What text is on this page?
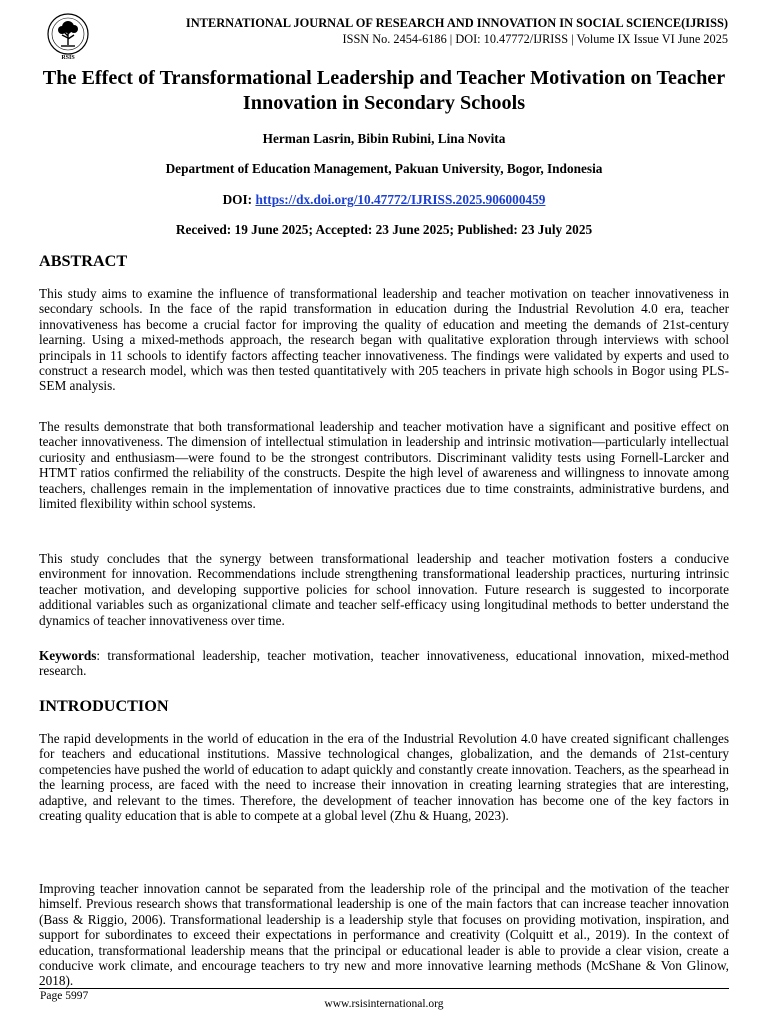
RSIS
INTERNATIONAL JOURNAL OF RESEARCH AND INNOVATION IN SOCIAL SCIENCE(IJRISS)
ISSN No. 2454-6186 | DOI: 10.47772/IJRISS | Volume IX Issue VI June 2025
The Effect of Transformational Leadership and Teacher Motivation on Teacher Innovation in Secondary Schools
Herman Lasrin, Bibin Rubini, Lina Novita
Department of Education Management, Pakuan University, Bogor, Indonesia
DOI: https://dx.doi.org/10.47772/IJRISS.2025.906000459
Received: 19 June 2025; Accepted: 23 June 2025; Published: 23 July 2025
ABSTRACT

This study aims to examine the influence of transformational leadership and teacher motivation on teacher innovativeness in secondary schools. In the face of the rapid transformation in education during the Industrial Revolution 4.0 era, teacher innovativeness has become a crucial factor for improving the quality of education and meeting the demands of 21st-century learning. Using a mixed-methods approach, the research began with qualitative exploration through interviews with school principals in 11 schools to identify factors affecting teacher innovativeness. The findings were validated by experts and used to construct a research model, which was then tested quantitatively with 205 teachers in private high schools in Bogor using PLS-SEM analysis.

The results demonstrate that both transformational leadership and teacher motivation have a significant and positive effect on teacher innovativeness. The dimension of intellectual stimulation in leadership and intrinsic motivation—particularly intellectual curiosity and enthusiasm—were found to be the strongest contributors. Discriminant validity tests using Fornell-Larcker and HTMT ratios confirmed the reliability of the constructs. Despite the high level of awareness and willingness to innovate among teachers, challenges remain in the implementation of innovative practices due to time constraints, administrative burdens, and limited flexibility within school systems.

This study concludes that the synergy between transformational leadership and teacher motivation fosters a conducive environment for innovation. Recommendations include strengthening transformational leadership practices, nurturing intrinsic teacher motivation, and developing supportive policies for school innovation. Future research is suggested to incorporate additional variables such as organizational climate and teacher self-efficacy using longitudinal methods to better understand the dynamics of teacher innovativeness over time.

Keywords: transformational leadership, teacher motivation, teacher innovativeness, educational innovation, mixed-method research.

INTRODUCTION

The rapid developments in the world of education in the era of the Industrial Revolution 4.0 have created significant challenges for teachers and educational institutions. Massive technological changes, globalization, and the demands of 21st-century competencies have pushed the world of education to adapt quickly and constantly create innovation. Teachers, as the spearhead in the learning process, are faced with the need to increase their innovation in creating learning strategies that are interesting, adaptive, and relevant to the times. Therefore, the development of teacher innovation has become one of the key factors in creating quality education that is able to compete at a global level (Zhu & Huang, 2023).

Improving teacher innovation cannot be separated from the leadership role of the principal and the motivation of the teacher himself. Previous research shows that transformational leadership is one of the main factors that can increase teacher innovation (Bass & Riggio, 2006). Transformational leadership is a leadership style that focuses on providing motivation, inspiration, and support for subordinates to exceed their expectations in performance and creativity (Colquitt et al., 2019). In the context of education, transformational leadership means that the principal or educational leader is able to provide a clear vision, create a conducive work climate, and encourage teachers to try new and more innovative learning methods (McShane & Von Glinow, 2018).

Page 5997
www.rsisinternational.org
